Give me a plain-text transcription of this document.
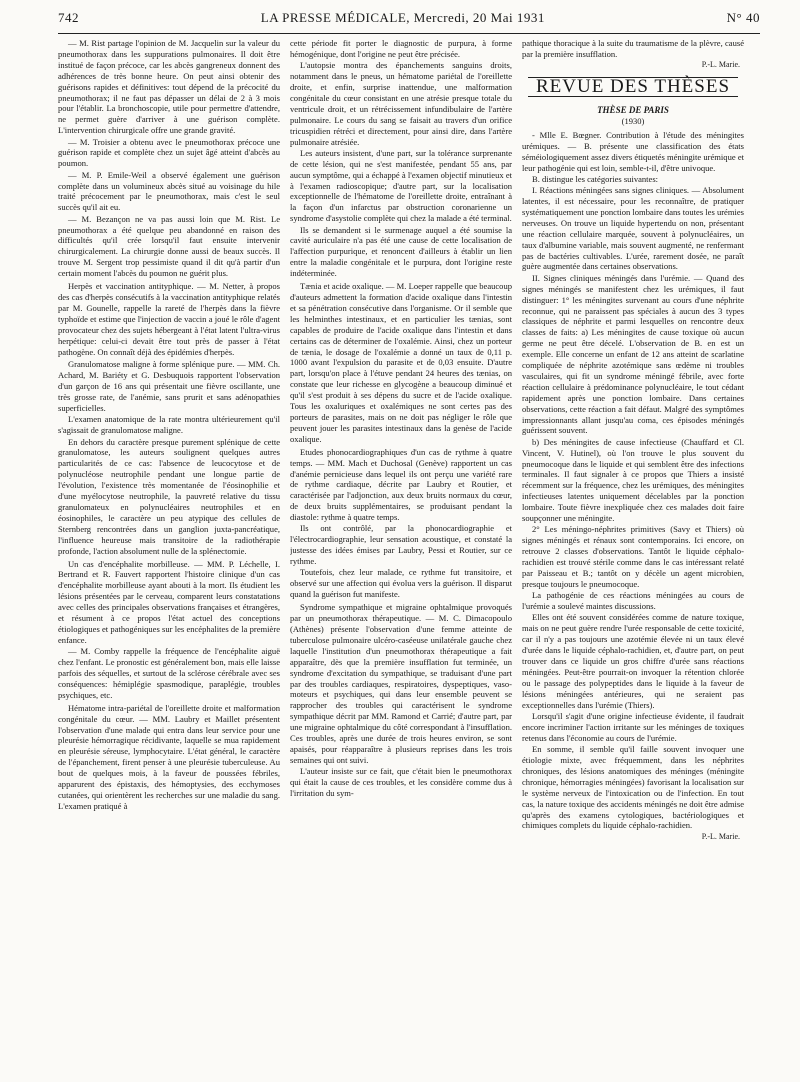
742	LA PRESSE MÉDICALE, Mercredi, 20 Mai 1931	N° 40

— M. Rist partage l'opinion de M. Jacquelin sur la valeur du pneumothorax dans les suppurations pulmonaires. Il doit être institué de façon précoce, car les abcès gangreneux donnent des adhérences de très bonne heure. On peut ainsi obtenir des guérisons rapides et définitives: tout dépend de la précocité du pneumothorax; il ne faut pas dépasser un délai de 2 à 3 mois pour l'établir. La bronchoscopie, utile pour permettre d'attendre, ne permet guère d'arriver à une guérison complète. L'intervention chirurgicale offre une grande gravité.

— M. Troisier a obtenu avec le pneumothorax précoce une guérison rapide et complète chez un sujet âgé atteint d'abcès au poumon.

— M. P. Emile-Weil a observé également une guérison complète dans un volumineux abcès situé au voisinage du hile traité précocement par le pneumothorax, mais c'est le seul succès qu'il ait eu.

— M. Bezançon ne va pas aussi loin que M. Rist. Le pneumothorax a été quelque peu abandonné en raison des difficultés qu'il crée lorsqu'il faut ensuite intervenir chirurgicalement. La chirurgie donne aussi de beaux succès. Il trouve M. Sergent trop pessimiste quand il dit qu'à partir d'un certain moment l'abcès du poumon ne guérit plus.

Herpès et vaccination antityphique. — M. Netter, à propos des cas d'herpès consécutifs à la vaccination antityphique relatés par M. Gounelle, rappelle la rareté de l'herpès dans la fièvre typhoïde et estime que l'injection de vaccin a joué le rôle d'agent provocateur chez des sujets hébergeant à l'état latent l'ultra-virus herpétique: celui-ci devait être tout près de passer à l'état pathogène. On connaît déjà des épidémies d'herpès.

Granulomatose maligne à forme splénique pure. — MM. Ch. Achard, M. Bariéty et G. Desbuquois rapportent l'observation d'un garçon de 16 ans qui présentait une fièvre oscillante, une très grosse rate, de l'anémie, sans prurit et sans adénopathies superficielles.

L'examen anatomique de la rate montra ultérieurement qu'il s'agissait de granulomatose maligne.

En dehors du caractère presque purement splénique de cette granulomatose, les auteurs soulignent quelques autres particularités de ce cas: l'absence de leucocytose et de polynucléose neutrophile pendant une longue partie de l'évolution, l'existence très momentanée de l'éosinophilie et d'une myélocytose neutrophile, la pauvreté relative du tissu granulomateux en polynucléaires neutrophiles et en éosinophiles, le caractère un peu atypique des cellules de Sternberg rencontrées dans un ganglion juxta-pancréatique, l'influence heureuse mais transitoire de la radiothérapie profonde, l'action absolument nulle de la splénectomie.

Un cas d'encéphalite morbilleuse. — MM. P. Léchelle, I. Bertrand et R. Fauvert rapportent l'histoire clinique d'un cas d'encéphalite morbilleuse ayant abouti à la mort. Ils étudient les lésions présentées par le cerveau, comparent leurs constatations avec celles des principales observations françaises et étrangères, et résument à ce propos l'état actuel des conceptions étiologiques et pathogéniques sur les encéphalites de la première enfance.

— M. Comby rappelle la fréquence de l'encéphalite aiguë chez l'enfant. Le pronostic est généralement bon, mais elle laisse parfois des séquelles, et surtout de la sclérose cérébrale avec ses conséquences: hémiplégie spasmodique, paraplégie, troubles psychiques, etc.

Hématome intra-pariétal de l'oreillette droite et malformation congénitale du cœur. — MM. Laubry et Maillet présentent l'observation d'une malade qui entra dans leur service pour une pleurésie hémorragique récidivante, laquelle se mua rapidement en pleurésie séreuse, lymphocytaire. L'état général, le caractère de l'épanchement, firent penser à une pleurésie tuberculeuse. Au bout de quelques mois, à la faveur de poussées fébriles, apparurent des épistaxis, des hémoptysies, des ecchymoses cutanées, qui orientèrent les recherches sur une maladie du sang. L'examen pratiqué à

cette période fit porter le diagnostic de purpura, à forme hémogénique, dont l'origine ne peut être précisée.

L'autopsie montra des épanchements sanguins droits, notamment dans le pneus, un hématome pariétal de l'oreillette droite, et enfin, surprise inattendue, une malformation congénitale du cœur consistant en une atrésie presque totale du ventricule droit, et un rétrécissement infundibulaire de l'artère pulmonaire. Le cours du sang se faisait au travers d'un orifice tricuspidien rétréci et directement, pour ainsi dire, dans l'artère pulmonaire atrésiée.

Les auteurs insistent, d'une part, sur la tolérance surprenante de cette lésion, qui ne s'est manifestée, pendant 55 ans, par aucun symptôme, qui a échappé à l'examen objectif minutieux et à l'examen radioscopique; d'autre part, sur la localisation exceptionnelle de l'hématome de l'oreillette droite, entraînant à la façon d'un infarctus par obstruction coronarienne un syndrome d'asystolie complète qui chez la malade a été terminal.

Ils se demandent si le surmenage auquel a été soumise la cavité auriculaire n'a pas été une cause de cette localisation de l'affection purpurique, et renoncent d'ailleurs à établir un lien entre la maladie congénitale et le purpura, dont l'origine reste indéterminée.

Tænia et acide oxalique. — M. Loeper rappelle que beaucoup d'auteurs admettent la formation d'acide oxalique dans l'intestin et sa pénétration consécutive dans l'organisme. Or il semble que les helminthes intestinaux, et en particulier les tænias, sont capables de produire de l'acide oxalique dans l'intestin et dans certains cas de déterminer de l'oxalémie. Ainsi, chez un porteur de tænia, le dosage de l'oxalémie a donné un taux de 0,11 p. 1000 avant l'expulsion du parasite et de 0,03 ensuite. D'autre part, lorsqu'on place à l'étuve pendant 24 heures des tænias, on constate que leur richesse en glycogène a beaucoup diminué et qu'il s'est produit à ses dépens du sucre et de l'acide oxalique. Tous les oxaluriques et oxalémiques ne sont certes pas des porteurs de parasites, mais on ne doit pas négliger le rôle que peuvent jouer les parasites intestinaux dans la genèse de l'acide oxalique.

Etudes phonocardiographiques d'un cas de rythme à quatre temps. — MM. Mach et Duchosal (Genève) rapportent un cas d'anémie pernicieuse dans lequel ils ont perçu une variété rare de rythme cardiaque, décrite par Laubry et Routier, et caractérisée par l'adjonction, aux deux bruits normaux du cœur, de deux bruits supplémentaires, se produisant pendant la diastole: rythme à quatre temps.

Ils ont contrôlé, par la phonocardiographie et l'électrocardiographie, leur sensation acoustique, et constaté la justesse des idées émises par Laubry, Pessi et Routier, sur ce rythme.

Toutefois, chez leur malade, ce rythme fut transitoire, et observé sur une affection qui évolua vers la guérison. Il disparut quand la guérison fut manifeste.

Syndrome sympathique et migraine ophtalmique provoqués par un pneumothorax thérapeutique. — M. C. Dimacopoulo (Athènes) présente l'observation d'une femme atteinte de tuberculose pulmonaire ulcéro-caséeuse unilatérale gauche chez laquelle l'institution d'un pneumothorax thérapeutique a fait apparaître, dès que la première insufflation fut terminée, un syndrome d'excitation du sympathique, se traduisant d'une part par des troubles cardiaques, respiratoires, dyspeptiques, vaso-moteurs et psychiques, qui dans leur ensemble peuvent se rapprocher des troubles qui caractérisent le syndrome sympathique décrit par MM. Ramond et Carrié; d'autre part, par une migraine ophtalmique du côté correspondant à l'insufflation. Ces troubles, après une durée de trois heures environ, se sont apaisés, pour réapparaître à plusieurs reprises dans les trois semaines qui ont suivi.

L'auteur insiste sur ce fait, que c'était bien le pneumothorax qui était la cause de ces troubles, et les considère comme dus à l'irritation du sym-

pathique thoracique à la suite du traumatisme de la plèvre, causé par la première insufflation.

P.-L. Marie.
REVUE DES THÈSES
THÈSE DE PARIS
(1930)

- Mlle E. Bœgner. Contribution à l'étude des méningites urémiques. — B. présente une classification des états séméiologiquement assez divers étiquetés méningite urémique et leur pathogénie qui est loin, semble-t-il, d'être univoque.

B. distingue les catégories suivantes:

I. Réactions méningées sans signes cliniques. — Absolument latentes, il est nécessaire, pour les reconnaître, de pratiquer systématiquement une ponction lombaire dans toutes les urémies nerveuses. On trouve un liquide hypertendu on non, présentant une réaction cellulaire marquée, souvent à polynucléaires, un taux d'albumine variable, mais souvent augmenté, ne renfermant pas de bactéries cultivables. L'urée, rarement dosée, ne paraît guère augmentée dans certaines observations.

II. Signes cliniques méningés dans l'urémie. — Quand des signes méningés se manifestent chez les urémiques, il faut distinguer: 1° les méningites survenant au cours d'une néphrite reconnue, qui ne paraissent pas spéciales à aucun des 3 types classiques de néphrite et parmi lesquelles on rencontre deux classes de faits: a) Les méningites de cause toxique où aucun germe ne peut être décelé. L'observation de B. en est un exemple. Elle concerne un enfant de 12 ans atteint de scarlatine compliquée de néphrite azotémique sans œdème ni troubles vasculaires, qui fit un syndrome méningé fébrile, avec forte réaction cellulaire à prédominance polynucléaire, le tout cédant rapidement après une ponction lombaire. Dans certaines observations, cette réaction a fait défaut. Malgré des symptômes impressionnants allant jusqu'au coma, ces épisodes méningés guérissent souvent.

b) Des méningites de cause infectieuse (Chauffard et Cl. Vincent, V. Hutinel), où l'on trouve le plus souvent du pneumocoque dans le liquide et qui semblent être des infections terminales. Il faut signaler à ce propos que Thiers a insisté récemment sur la fréquence, chez les urémiques, des méningites infectieuses latentes uniquement décelables par la ponction lombaire. Toute fièvre inexpliquée chez ces malades doit faire soupçonner une méningite.

2° Les méningo-néphrites primitives (Savy et Thiers) où signes méningés et rénaux sont contemporains. Ici encore, on retrouve 2 classes d'observations. Tantôt le liquide céphalo-rachidien est trouvé stérile comme dans le cas intéressant relaté par Paisseau et B.; tantôt on y décèle un agent microbien, presque toujours le pneumocoque.

La pathogénie de ces réactions méningées au cours de l'urémie a soulevé maintes discussions.

Elles ont été souvent considérées comme de nature toxique, mais on ne peut guère rendre l'urée responsable de cette toxicité, car il n'y a pas toujours une azotémie élevée ni un taux élevé d'urée dans le liquide céphalo-rachidien, et, d'autre part, on peut trouver dans ce liquide un gros chiffre d'urée sans réactions méningées. Peut-être pourrait-on invoquer la rétention chlorée ou le passage des polypeptides dans le liquide à la faveur de lésions méningées antérieures, qui ne seraient pas exceptionnelles dans l'urémie (Thiers).

Lorsqu'il s'agit d'une origine infectieuse évidente, il faudrait encore incriminer l'action irritante sur les méninges de toxiques retenus dans l'économie au cours de l'urémie.

En somme, il semble qu'il faille souvent invoquer une étiologie mixte, avec fréquemment, dans les néphrites chroniques, des lésions anatomiques des méninges (méningite chronique, hémorragies méningées) favorisant la localisation sur le système nerveux de l'intoxication ou de l'infection. En tout cas, la nature toxique des accidents méningés ne doit être admise qu'après des examens cytologiques, bactériologiques et chimiques complets du liquide céphalo-rachidien.

P.-L. Marie.
